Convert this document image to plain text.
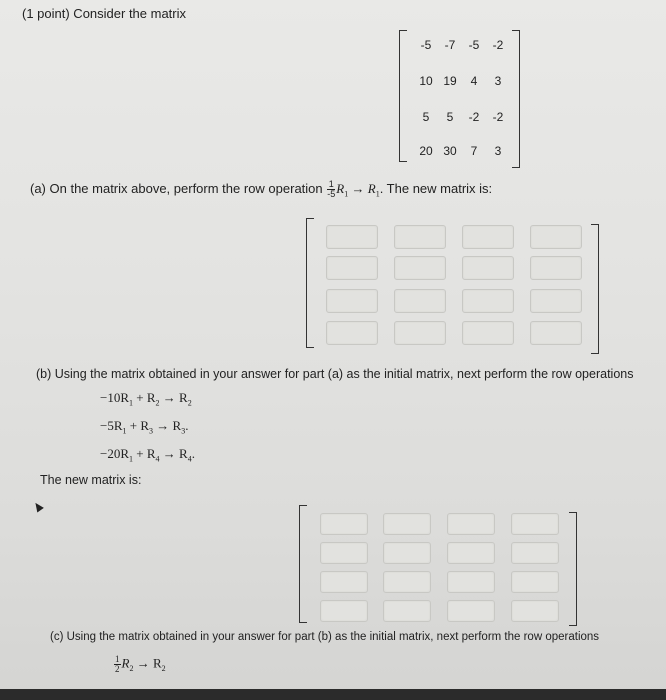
(1 point) Consider the matrix
-5 -7 -5 -2
10 19 4 3
5 5 -2 -2
20 30 7 3
(a) On the matrix above, perform the row operation $\frac{1}{-5} R_1 \to R_1$. The new matrix is:
(b) Using the matrix obtained in your answer for part (a) as the initial matrix, next perform the row operations
$-10R_1 + R_2 \to R_2$
$-5R_1 + R_3 \to R_3$.
$-20R_1 + R_4 \to R_4$.
The new matrix is:
(c) Using the matrix obtained in your answer for part (b) as the initial matrix, next perform the row operations
$\frac{1}{2} R_2 \to R_2$
